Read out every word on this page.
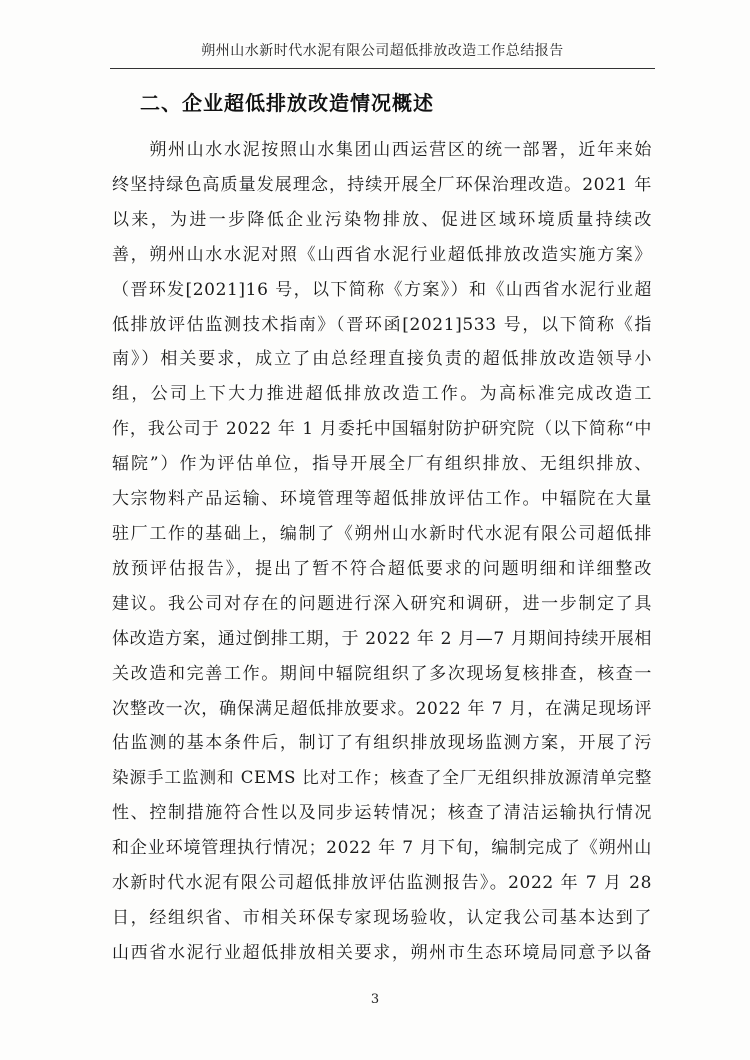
朔州山水新时代水泥有限公司超低排放改造工作总结报告
二、企业超低排放改造情况概述

　　朔州山水水泥按照山水集团山西运营区的统一部署，近年来始
终坚持绿色高质量发展理念，持续开展全厂环保治理改造。2021 年
以来，为进一步降低企业污染物排放、促进区域环境质量持续改
善，朔州山水水泥对照《山西省水泥行业超低排放改造实施方案》
（晋环发[2021]16 号，以下简称《方案》）和《山西省水泥行业超
低排放评估监测技术指南》（晋环函[2021]533 号，以下简称《指
南》）相关要求，成立了由总经理直接负责的超低排放改造领导小
组，公司上下大力推进超低排放改造工作。为高标准完成改造工
作，我公司于 2022 年 1 月委托中国辐射防护研究院（以下简称“中
辐院”）作为评估单位，指导开展全厂有组织排放、无组织排放、
大宗物料产品运输、环境管理等超低排放评估工作。中辐院在大量
驻厂工作的基础上，编制了《朔州山水新时代水泥有限公司超低排
放预评估报告》，提出了暂不符合超低要求的问题明细和详细整改
建议。我公司对存在的问题进行深入研究和调研，进一步制定了具
体改造方案，通过倒排工期，于 2022 年 2 月—7 月期间持续开展相
关改造和完善工作。期间中辐院组织了多次现场复核排查，核查一
次整改一次，确保满足超低排放要求。2022 年 7 月，在满足现场评
估监测的基本条件后，制订了有组织排放现场监测方案，开展了污
染源手工监测和 CEMS 比对工作；核查了全厂无组织排放源清单完整
性、控制措施符合性以及同步运转情况；核查了清洁运输执行情况
和企业环境管理执行情况；2022 年 7 月下旬，编制完成了《朔州山
水新时代水泥有限公司超低排放评估监测报告》。2022 年 7 月 28
日，经组织省、市相关环保专家现场验收，认定我公司基本达到了
山西省水泥行业超低排放相关要求，朔州市生态环境局同意予以备

3
